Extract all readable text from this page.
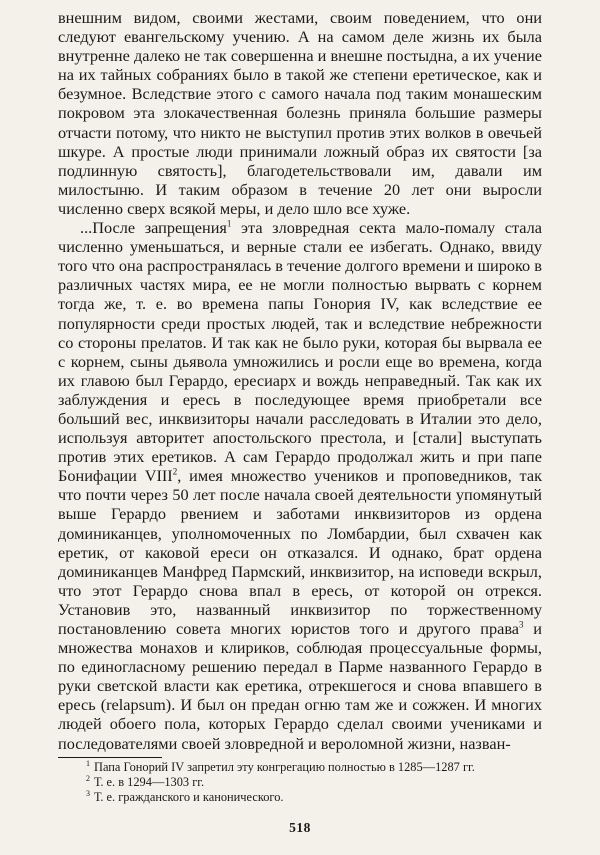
внешним видом, своими жестами, своим поведением, что они следуют евангельскому учению. А на самом деле жизнь их была внутренне далеко не так совершенна и внешне постыдна, а их учение на их тайных собраниях было в такой же степени еретическое, как и безумное. Вследствие этого с самого начала под таким монашеским покровом эта злокачественная болезнь приняла большие размеры отчасти потому, что никто не выступил против этих волков в овечьей шкуре. А простые люди принимали ложный образ их святости [за подлинную святость], благодетельствовали им, давали им милостыню. И таким образом в течение 20 лет они выросли численно сверх всякой меры, и дело шло все хуже.

...После запрещения$^1$ эта зловредная секта мало-помалу стала численно уменьшаться, и верные стали ее избегать. Однако, ввиду того что она распространялась в течение долгого времени и широко в различных частях мира, ее не могли полностью вырвать с корнем тогда же, т. е. во времена папы Гонория IV, как вследствие ее популярности среди простых людей, так и вследствие небрежности со стороны прелатов. И так как не было руки, которая бы вырвала ее с корнем, сыны дьявола умножились и росли еще во времена, когда их главою был Герардо, ересиарх и вождь неправедный. Так как их заблуждения и ересь в последующее время приобретали все больший вес, инквизиторы начали расследовать в Италии это дело, используя авторитет апостольского престола, и [стали] выступать против этих еретиков. А сам Герардо продолжал жить и при папе Бонифации VIII$^2$, имея множество учеников и проповедников, так что почти через 50 лет после начала своей деятельности упомянутый выше Герардо рвением и заботами инквизиторов из ордена доминиканцев, уполномоченных по Ломбардии, был схвачен как еретик, от каковой ереси он отказался. И однако, брат ордена доминиканцев Манфред Пармский, инквизитор, на исповеди вскрыл, что этот Герардо снова впал в ересь, от которой он отрекся. Установив это, названный инквизитор по торжественному постановлению совета многих юристов того и другого права$^3$ и множества монахов и клириков, соблюдая процессуальные формы, по единогласному решению передал в Парме названного Герардо в руки светской власти как еретика, отрекшегося и снова впавшего в ересь (relapsum). И был он предан огню там же и сожжен. И многих людей обоего пола, которых Герардо сделал своими учениками и последователями своей зловредной и вероломной жизни, назван-

$^1$ Папа Гонорий IV запретил эту конгрегацию полностью в 1285—1287 гг.

$^2$ Т. е. в 1294—1303 гг.

$^3$ Т. е. гражданского и канонического.

518
